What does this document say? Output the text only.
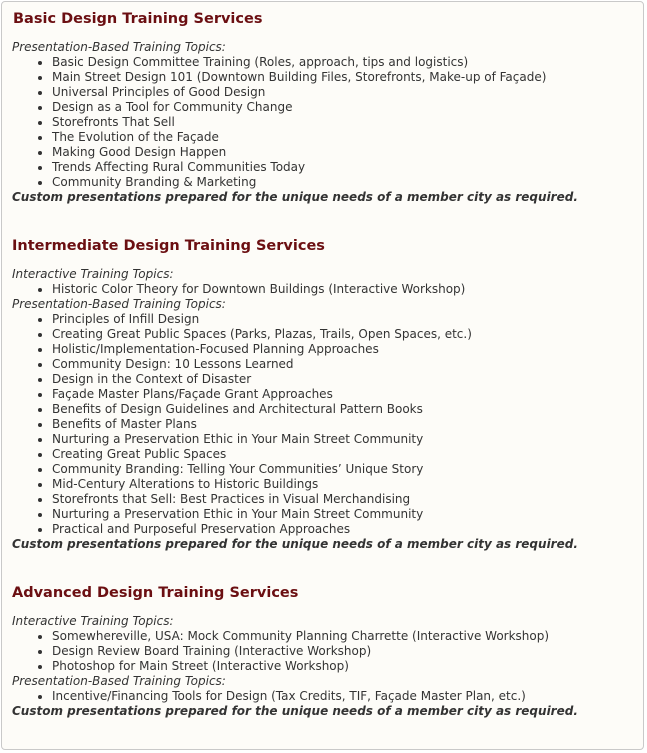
Basic Design Training Services

Presentation-Based Training Topics:

• Basic Design Committee Training (Roles, approach, tips and logistics)
• Main Street Design 101 (Downtown Building Files, Storefronts, Make-up of Façade)
• Universal Principles of Good Design
• Design as a Tool for Community Change
• Storefronts That Sell
• The Evolution of the Façade
• Making Good Design Happen
• Trends Affecting Rural Communities Today
• Community Branding & Marketing

Custom presentations prepared for the unique needs of a member city as required.

Intermediate Design Training Services

Interactive Training Topics:

• Historic Color Theory for Downtown Buildings (Interactive Workshop)

Presentation-Based Training Topics:

• Principles of Infill Design
• Creating Great Public Spaces (Parks, Plazas, Trails, Open Spaces, etc.)
• Holistic/Implementation-Focused Planning Approaches
• Community Design: 10 Lessons Learned
• Design in the Context of Disaster
• Façade Master Plans/Façade Grant Approaches
• Benefits of Design Guidelines and Architectural Pattern Books
• Benefits of Master Plans
• Nurturing a Preservation Ethic in Your Main Street Community
• Creating Great Public Spaces
• Community Branding: Telling Your Communities’ Unique Story
• Mid-Century Alterations to Historic Buildings
• Storefronts that Sell: Best Practices in Visual Merchandising
• Nurturing a Preservation Ethic in Your Main Street Community
• Practical and Purposeful Preservation Approaches

Custom presentations prepared for the unique needs of a member city as required.

Advanced Design Training Services

Interactive Training Topics:

• Somewhereville, USA: Mock Community Planning Charrette (Interactive Workshop)
• Design Review Board Training (Interactive Workshop)
• Photoshop for Main Street (Interactive Workshop)

Presentation-Based Training Topics:

• Incentive/Financing Tools for Design (Tax Credits, TIF, Façade Master Plan, etc.)

Custom presentations prepared for the unique needs of a member city as required.
